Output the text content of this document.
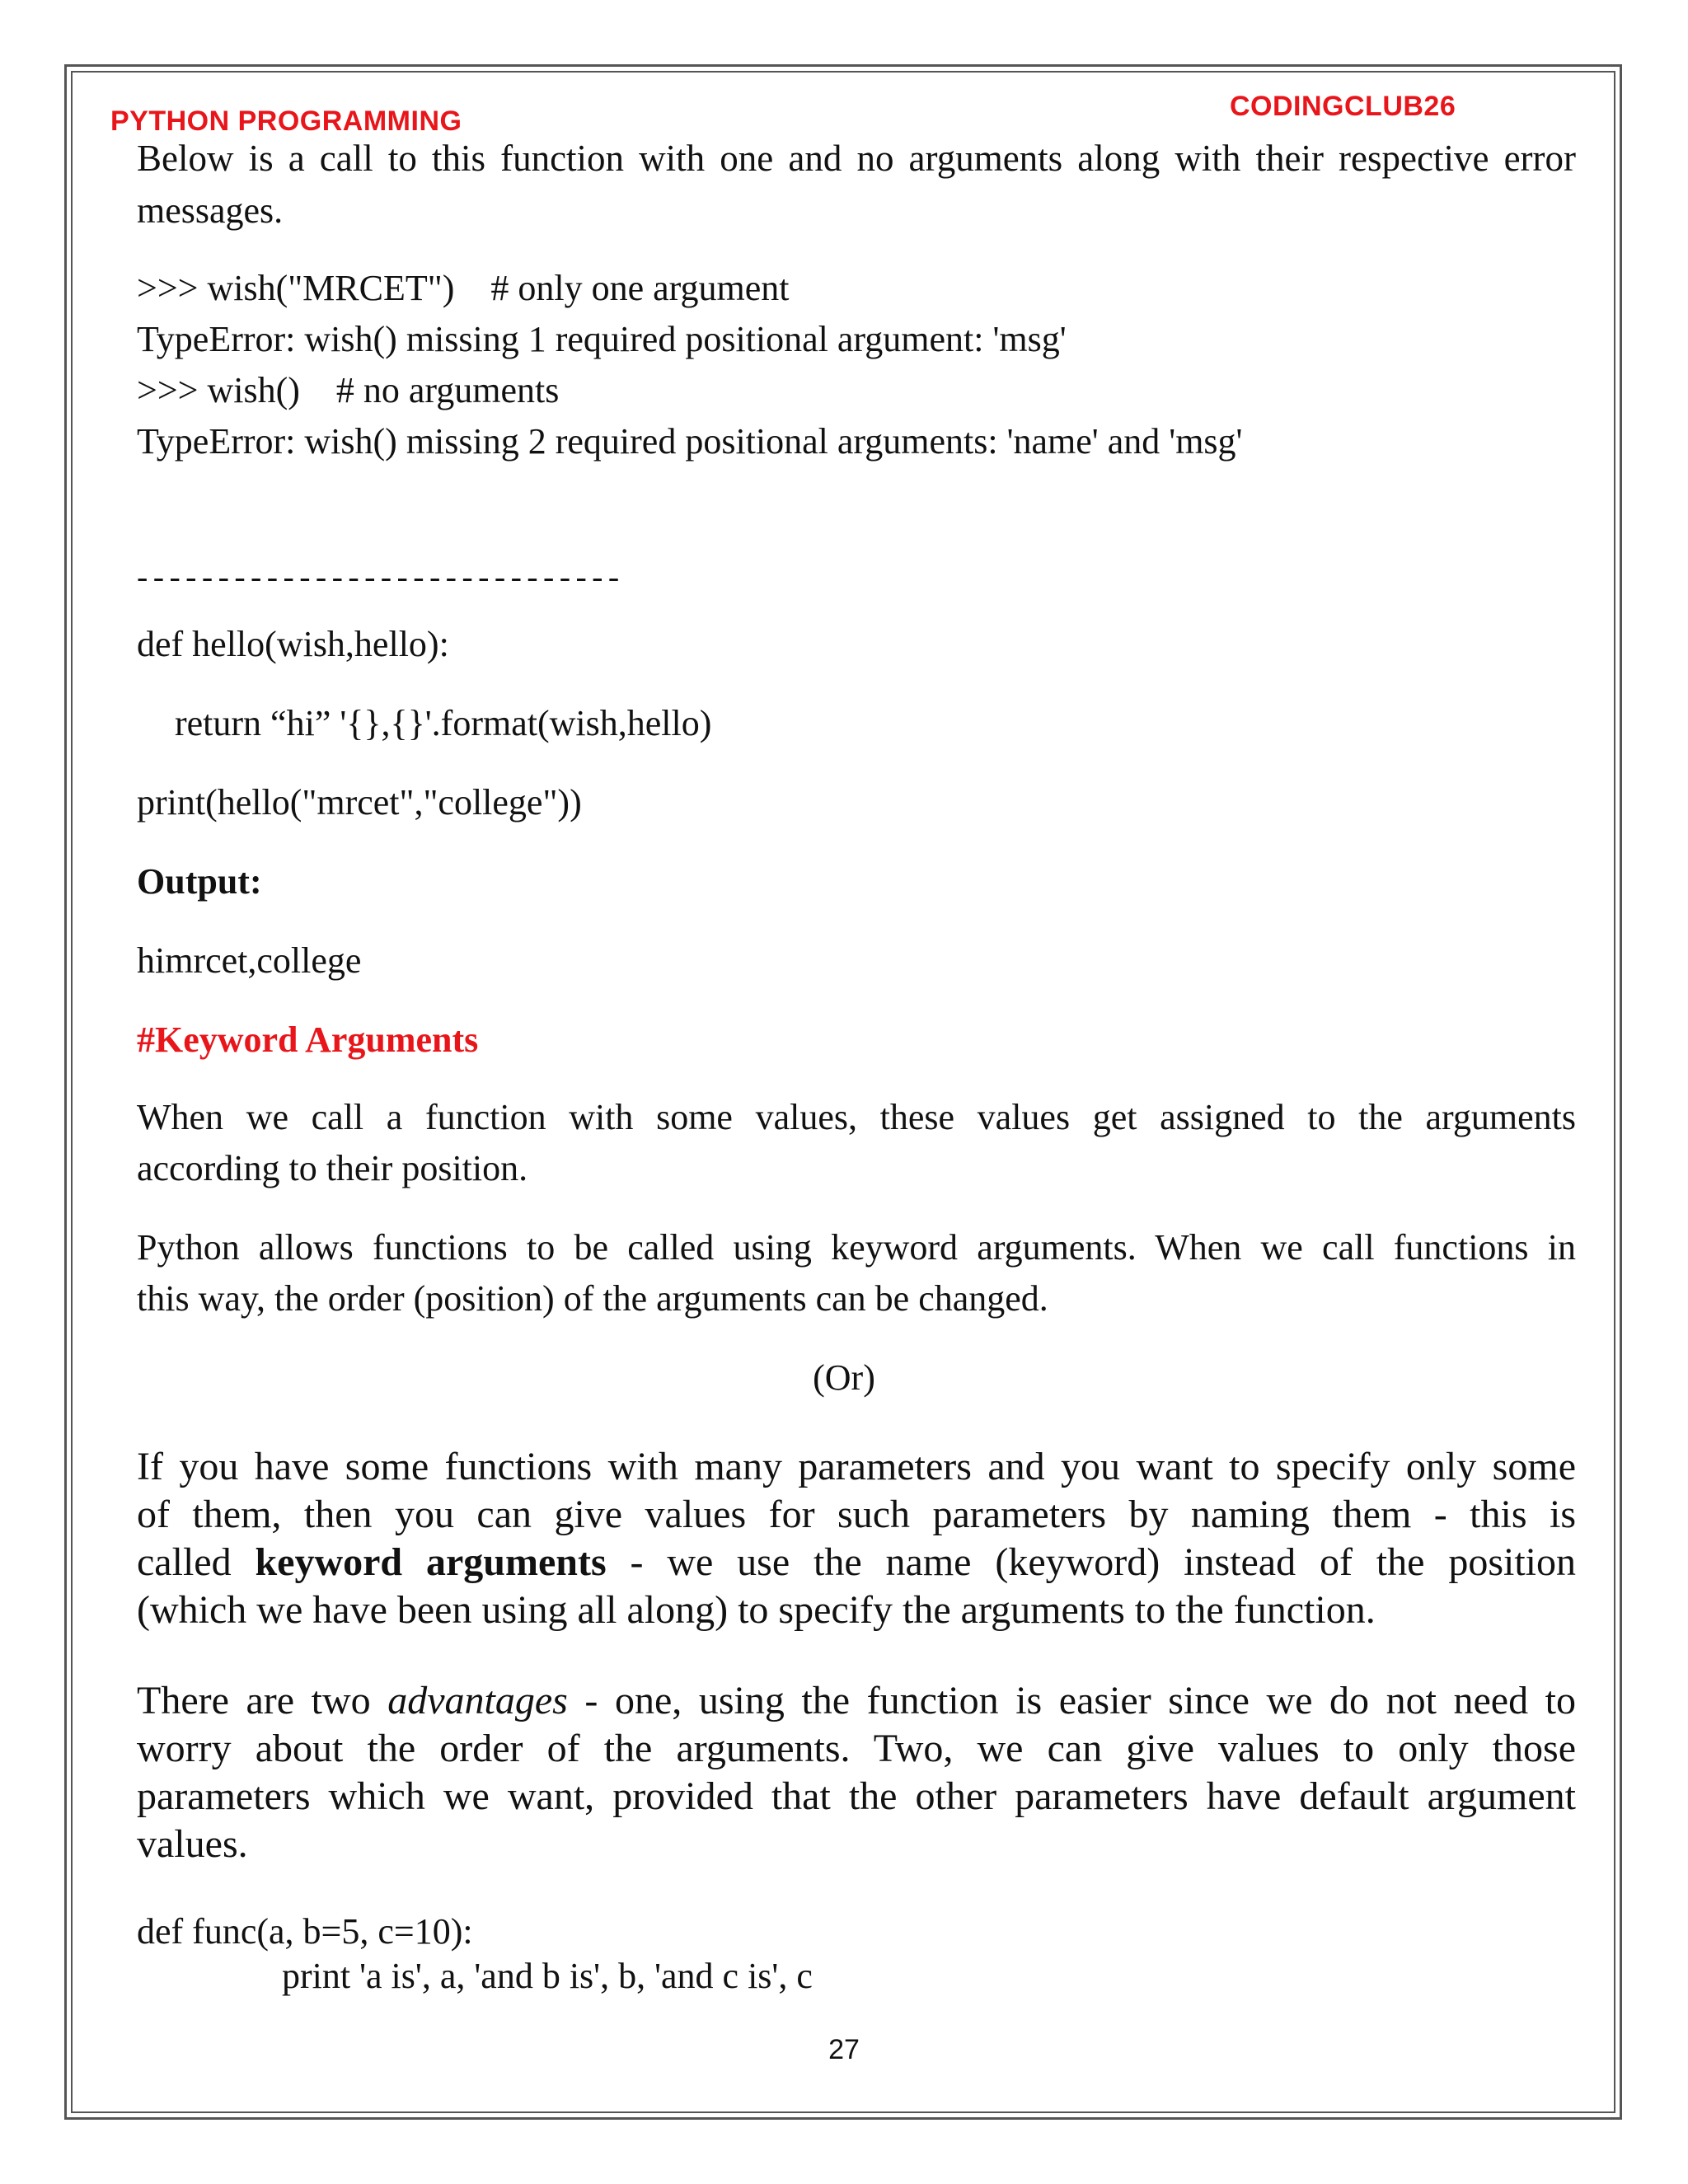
PYTHON PROGRAMMING	CODINGCLUB26
Below is a call to this function with one and no arguments along with their respective error
messages.
>>> wish("MRCET")    # only one argument
TypeError: wish() missing 1 required positional argument: 'msg'
>>> wish()    # no arguments
TypeError: wish() missing 2 required positional arguments: 'name' and 'msg'
------------------------------
def hello(wish,hello):
return “hi” '{},{}'.format(wish,hello)
print(hello("mrcet","college"))
Output:
himrcet,college
#Keyword Arguments
When we call a function with some values, these values get assigned to the arguments
according to their position.
Python allows functions to be called using keyword arguments. When we call functions in
this way, the order (position) of the arguments can be changed.
(Or)
If you have some functions with many parameters and you want to specify only some
of them, then you can give values for such parameters by naming them - this is
called keyword arguments - we use the name (keyword) instead of the position
(which we have been using all along) to specify the arguments to the function.
There are two advantages - one, using the function is easier since we do not need to
worry about the order of the arguments. Two, we can give values to only those
parameters which we want, provided that the other parameters have default argument
values.
def func(a, b=5, c=10):
print 'a is', a, 'and b is', b, 'and c is', c
27
